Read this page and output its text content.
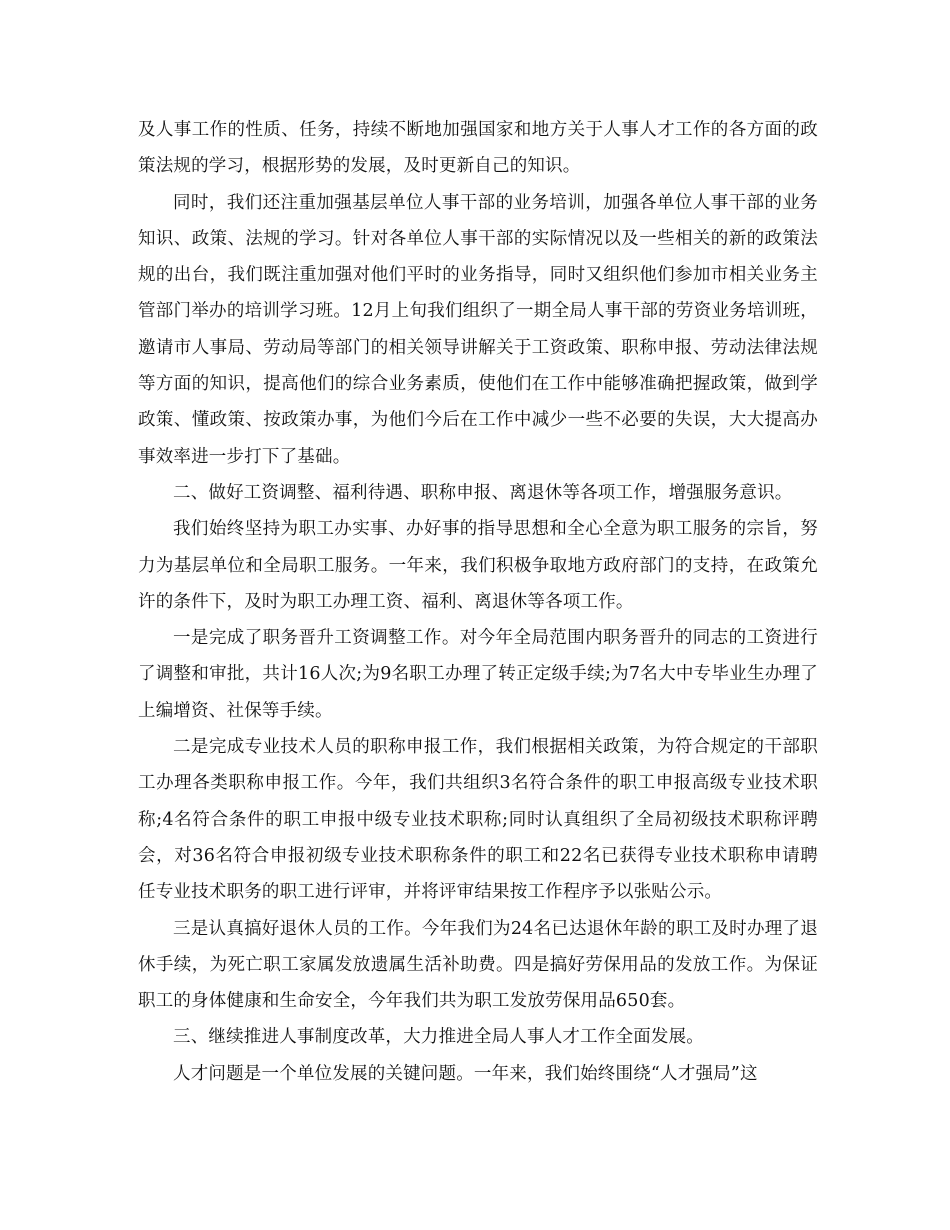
及人事工作的性质、任务，持续不断地加强国家和地方关于人事人才工作的各方面的政策法规的学习，根据形势的发展，及时更新自己的知识。

同时，我们还注重加强基层单位人事干部的业务培训，加强各单位人事干部的业务知识、政策、法规的学习。针对各单位人事干部的实际情况以及一些相关的新的政策法规的出台，我们既注重加强对他们平时的业务指导，同时又组织他们参加市相关业务主管部门举办的培训学习班。12月上旬我们组织了一期全局人事干部的劳资业务培训班，邀请市人事局、劳动局等部门的相关领导讲解关于工资政策、职称申报、劳动法律法规等方面的知识，提高他们的综合业务素质，使他们在工作中能够准确把握政策，做到学政策、懂政策、按政策办事，为他们今后在工作中减少一些不必要的失误，大大提高办事效率进一步打下了基础。

二、做好工资调整、福利待遇、职称申报、离退休等各项工作，增强服务意识。

我们始终坚持为职工办实事、办好事的指导思想和全心全意为职工服务的宗旨，努力为基层单位和全局职工服务。一年来，我们积极争取地方政府部门的支持，在政策允许的条件下，及时为职工办理工资、福利、离退休等各项工作。

一是完成了职务晋升工资调整工作。对今年全局范围内职务晋升的同志的工资进行了调整和审批，共计16人次;为9名职工办理了转正定级手续;为7名大中专毕业生办理了上编增资、社保等手续。

二是完成专业技术人员的职称申报工作，我们根据相关政策，为符合规定的干部职工办理各类职称申报工作。今年，我们共组织3名符合条件的职工申报高级专业技术职称;4名符合条件的职工申报中级专业技术职称;同时认真组织了全局初级技术职称评聘会，对36名符合申报初级专业技术职称条件的职工和22名已获得专业技术职称申请聘任专业技术职务的职工进行评审，并将评审结果按工作程序予以张贴公示。

三是认真搞好退休人员的工作。今年我们为24名已达退休年龄的职工及时办理了退休手续，为死亡职工家属发放遗属生活补助费。四是搞好劳保用品的发放工作。为保证职工的身体健康和生命安全，今年我们共为职工发放劳保用品650套。

三、继续推进人事制度改革，大力推进全局人事人才工作全面发展。

人才问题是一个单位发展的关键问题。一年来，我们始终围绕“人才强局”这
